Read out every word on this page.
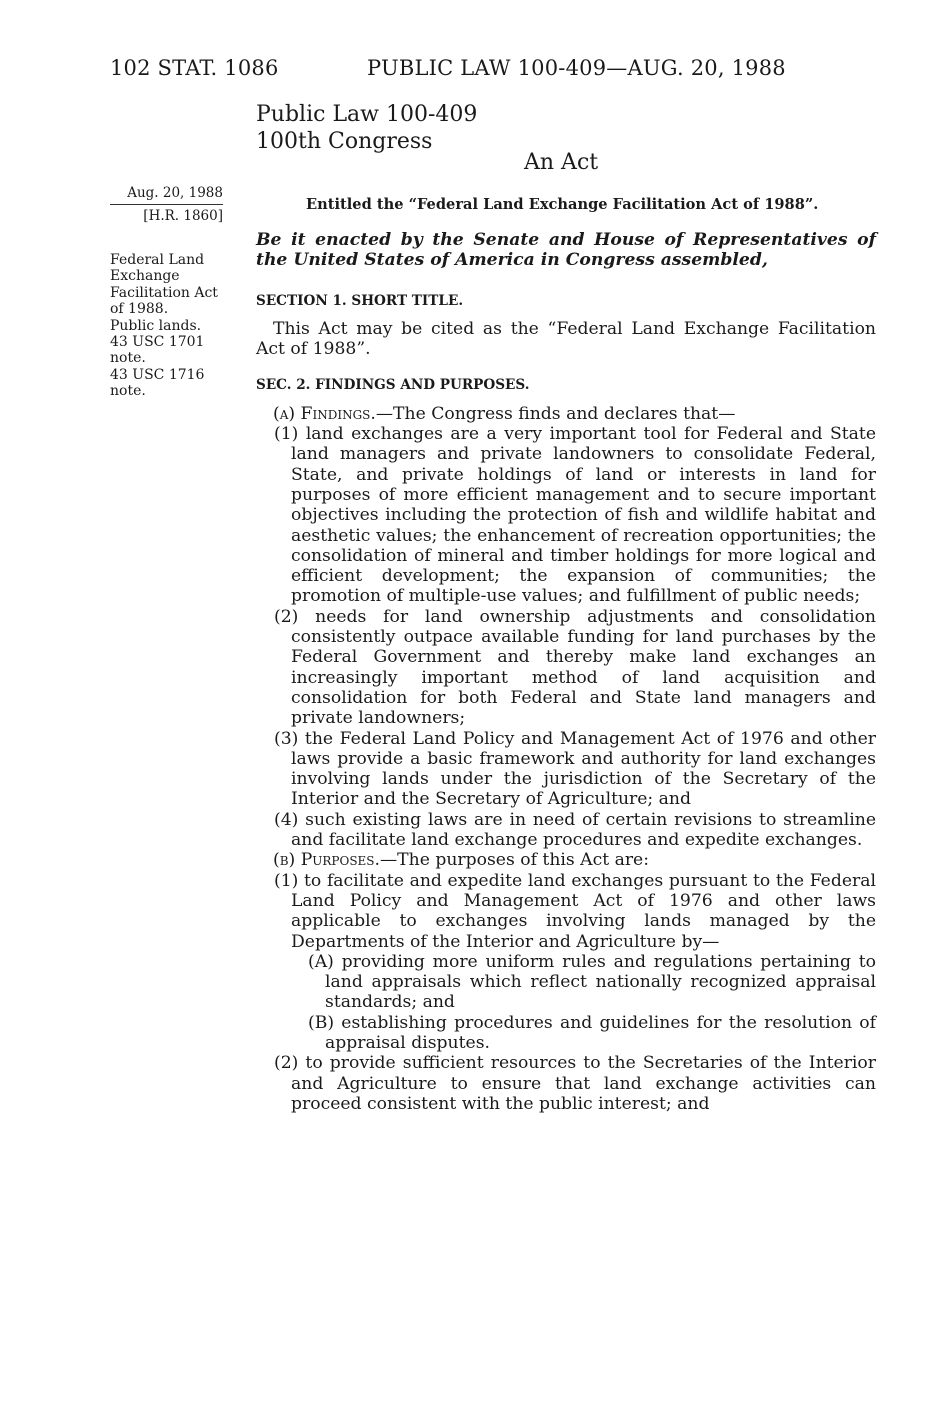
102 STAT. 1086	PUBLIC LAW 100-409—AUG. 20, 1988
Public Law 100-409
100th Congress
An Act
Aug. 20, 1988
[H.R. 1860]
Federal Land
Exchange
Facilitation Act
of 1988.
Public lands.
43 USC 1701
note.
43 USC 1716
note.
Entitled the “Federal Land Exchange Facilitation Act of 1988”.

Be it enacted by the Senate and House of Representatives of the United States of America in Congress assembled,

SECTION 1. SHORT TITLE.

This Act may be cited as the “Federal Land Exchange Facilitation Act of 1988”.

SEC. 2. FINDINGS AND PURPOSES.

(a) Findings.—The Congress finds and declares that—

(1) land exchanges are a very important tool for Federal and State land managers and private landowners to consolidate Federal, State, and private holdings of land or interests in land for purposes of more efficient management and to secure important objectives including the protection of fish and wildlife habitat and aesthetic values; the enhancement of recreation opportunities; the consolidation of mineral and timber holdings for more logical and efficient development; the expansion of communities; the promotion of multiple-use values; and fulfillment of public needs;

(2) needs for land ownership adjustments and consolidation consistently outpace available funding for land purchases by the Federal Government and thereby make land exchanges an increasingly important method of land acquisition and consolidation for both Federal and State land managers and private landowners;

(3) the Federal Land Policy and Management Act of 1976 and other laws provide a basic framework and authority for land exchanges involving lands under the jurisdiction of the Secretary of the Interior and the Secretary of Agriculture; and

(4) such existing laws are in need of certain revisions to streamline and facilitate land exchange procedures and expedite exchanges.

(b) Purposes.—The purposes of this Act are:

(1) to facilitate and expedite land exchanges pursuant to the Federal Land Policy and Management Act of 1976 and other laws applicable to exchanges involving lands managed by the Departments of the Interior and Agriculture by—

(A) providing more uniform rules and regulations pertaining to land appraisals which reflect nationally recognized appraisal standards; and

(B) establishing procedures and guidelines for the resolution of appraisal disputes.

(2) to provide sufficient resources to the Secretaries of the Interior and Agriculture to ensure that land exchange activities can proceed consistent with the public interest; and
